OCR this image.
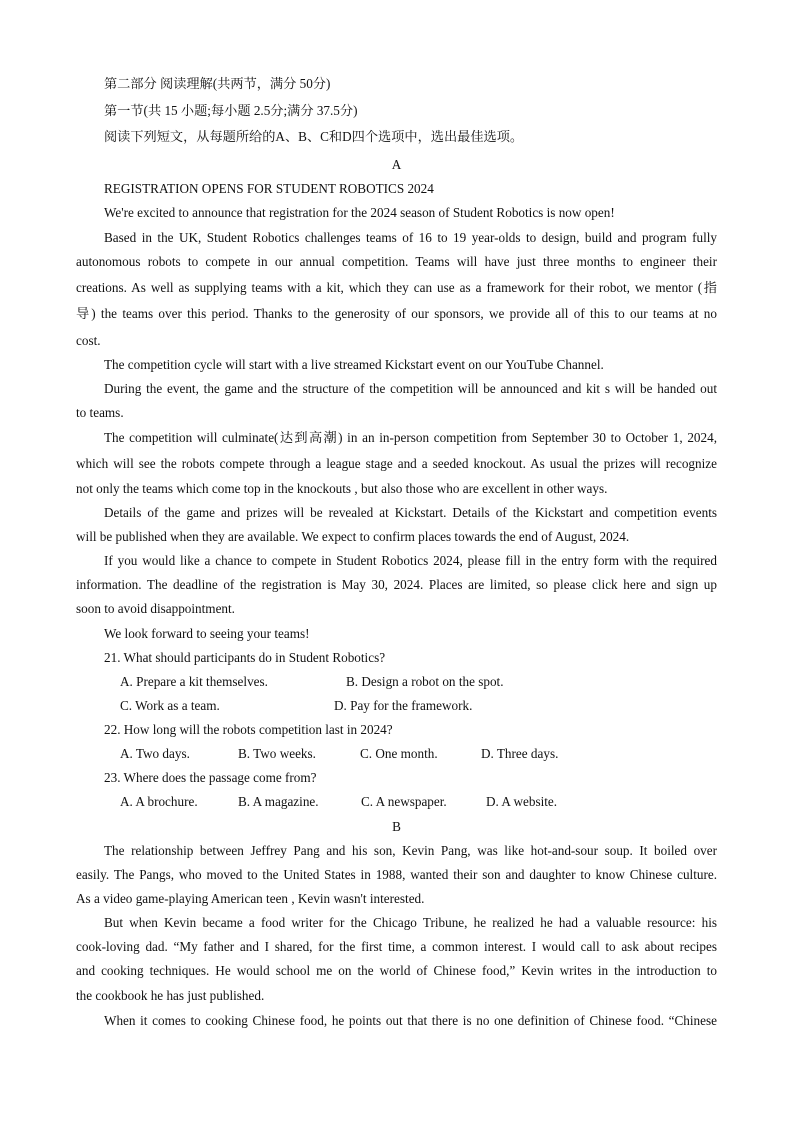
第二部分 阅读理解(共两节，满分 50分)
第一节(共 15 小题;每小题 2.5分;满分 37.5分)
阅读下列短文，从每题所给的A、B、C和D四个选项中，选出最佳选项。
A
REGISTRATION OPENS FOR STUDENT ROBOTICS 2024
We're excited to announce that registration for the 2024 season of Student Robotics is now open!
Based in the UK, Student Robotics challenges teams of 16 to 19 year-olds to design, build and program fully
autonomous robots to compete in our annual competition. Teams will have just three months to engineer their
creations. As well as supplying teams with a kit, which they can use as a framework for their robot, we mentor (指
导) the teams over this period. Thanks to the generosity of our sponsors, we provide all of this to our teams at no
cost.
The competition cycle will start with a live streamed Kickstart event on our YouTube Channel.
During the event, the game and the structure of the competition will be announced and kit s will be handed out
to teams.
The competition will culminate(达到高潮) in an in-person competition from September 30 to October 1, 2024,
which will see the robots compete through a league stage and a seeded knockout. As usual the prizes will recognize
not only the teams which come top in the knockouts , but also those who are excellent in other ways.
Details of the game and prizes will be revealed at Kickstart. Details of the Kickstart and competition events
will be published when they are available. We expect to confirm places towards the end of August, 2024.
If you would like a chance to compete in Student Robotics 2024, please fill in the entry form with the required
information. The deadline of the registration is May 30, 2024. Places are limited, so please click here and sign up
soon to avoid disappointment.
We look forward to seeing your teams!
21. What should participants do in Student Robotics?
A. Prepare a kit themselves.	B. Design a robot on the spot.
C. Work as a team.	D. Pay for the framework.
22. How long will the robots competition last in 2024?
A. Two days.	B. Two weeks.	C. One month.	D. Three days.
23. Where does the passage come from?
A. A brochure.	B. A magazine.	C. A newspaper.	D. A website.
B
The relationship between Jeffrey Pang and his son, Kevin Pang, was like hot-and-sour soup. It boiled over
easily. The Pangs, who moved to the United States in 1988, wanted their son and daughter to know Chinese culture.
As a video game-playing American teen , Kevin wasn't interested.
But when Kevin became a food writer for the Chicago Tribune, he realized he had a valuable resource: his
cook-loving dad. “My father and I shared, for the first time, a common interest. I would call to ask about recipes
and cooking techniques. He would school me on the world of Chinese food,” Kevin writes in the introduction to
the cookbook he has just published.
When it comes to cooking Chinese food, he points out that there is no one definition of Chinese food. “Chinese
